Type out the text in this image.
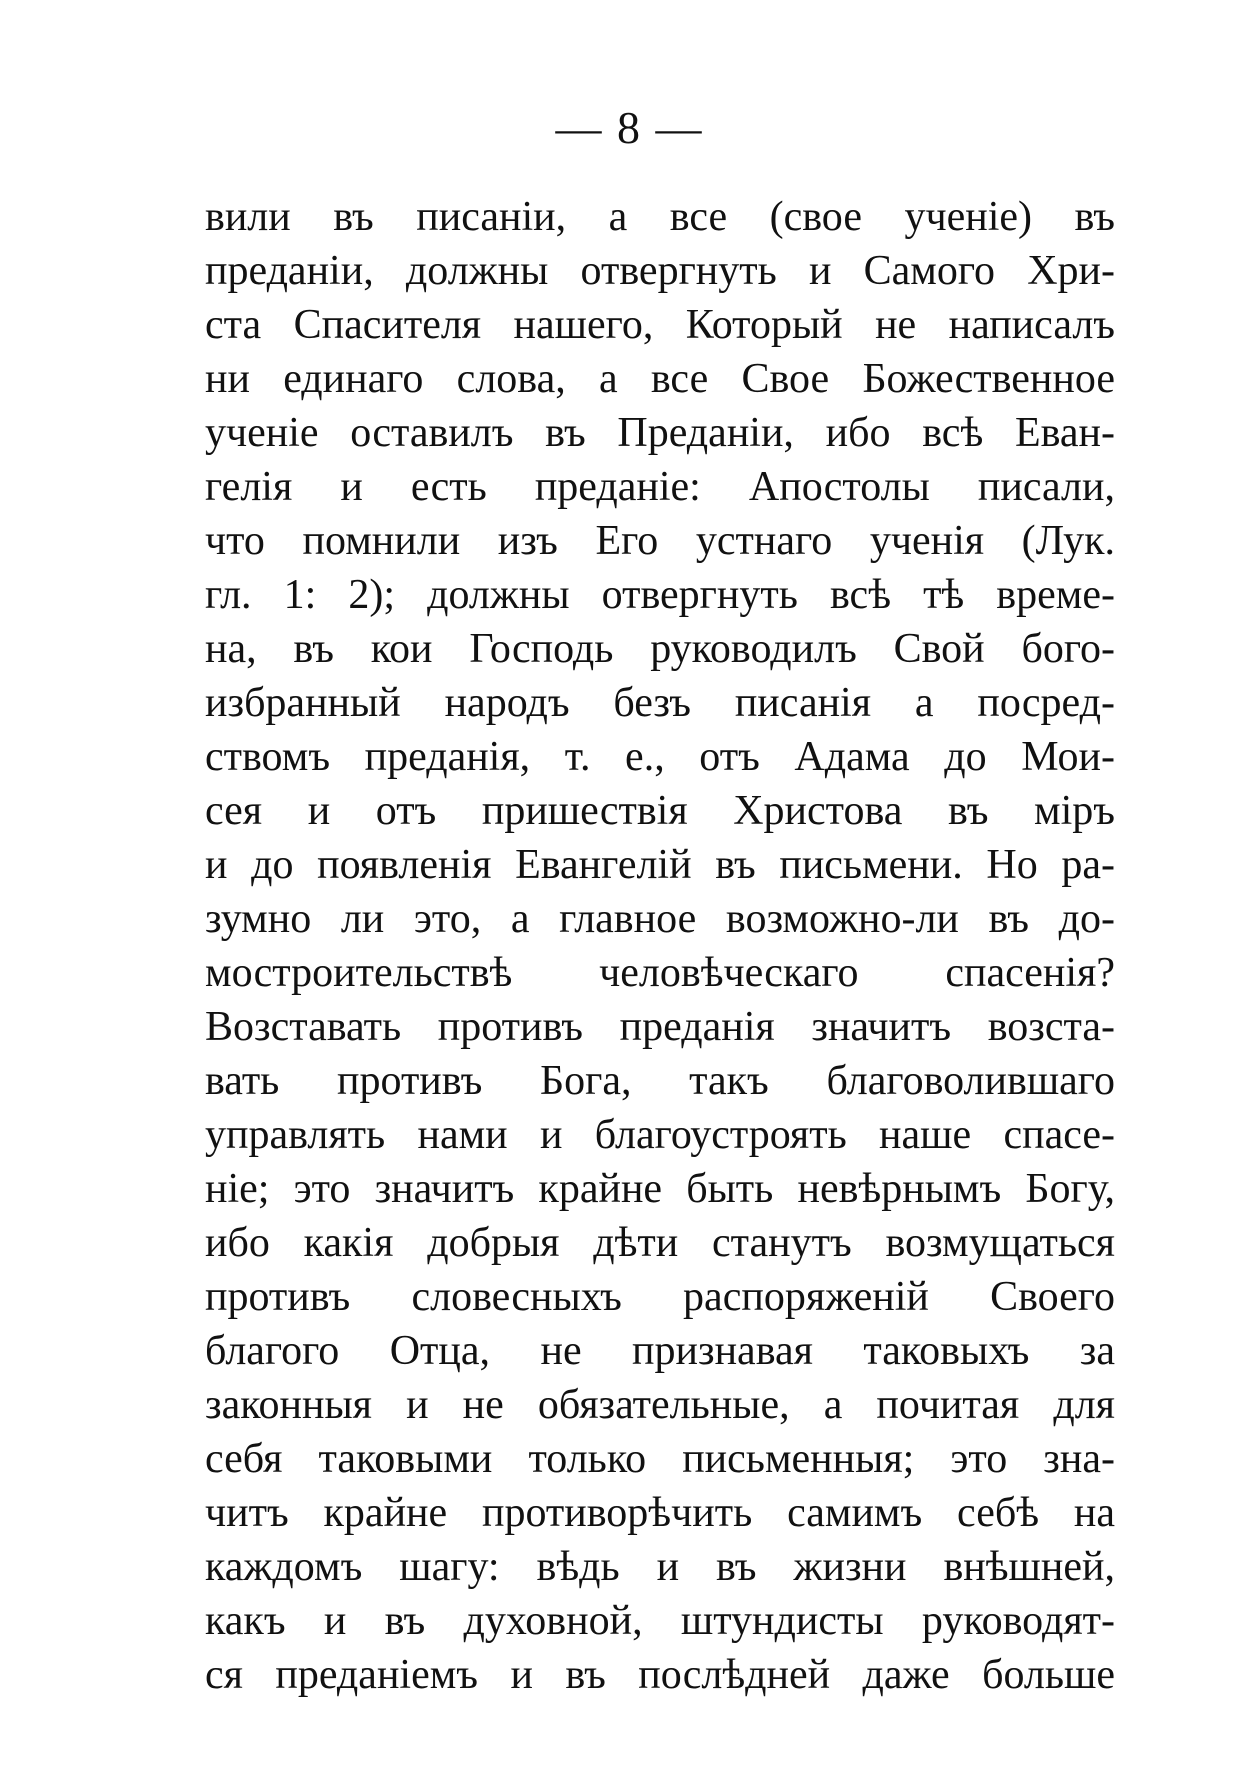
— 8 —
вили въ писаніи, а все (свое ученіе) въ
преданіи, должны отвергнуть и Самого Хри-
ста Спасителя нашего, Который не написалъ
ни единаго слова, а все Свое Божественное
ученіе оставилъ въ Преданіи, ибо всѣ Еван-
гелія и есть преданіе: Апостолы писали,
что помнили изъ Его устнаго ученія (Лук.
гл. 1: 2); должны отвергнуть всѣ тѣ време-
на, въ кои Господь руководилъ Свой бого-
избранный народъ безъ писанія а посред-
ствомъ преданія, т. е., отъ Адама до Мои-
сея и отъ пришествія Христова въ міръ
и до появленія Евангелій въ письмени. Но ра-
зумно ли это, а главное возможно-ли въ до-
мостроительствѣ человѣческаго спасенія?
Возставать противъ преданія значитъ возста-
вать противъ Бога, такъ благоволившаго
управлять нами и благоустроять наше спасе-
ніе; это значитъ крайне быть невѣрнымъ Богу,
ибо какія добрыя дѣти станутъ возмущаться
противъ словесныхъ распоряженій Своего
благого Отца, не признавая таковыхъ за
законныя и не обязательные, а почитая для
себя таковыми только письменныя; это зна-
читъ крайне противорѣчить самимъ себѣ на
каждомъ шагу: вѣдь и въ жизни внѣшней,
какъ и въ духовной, штундисты руководят-
ся преданіемъ и въ послѣдней даже больше
